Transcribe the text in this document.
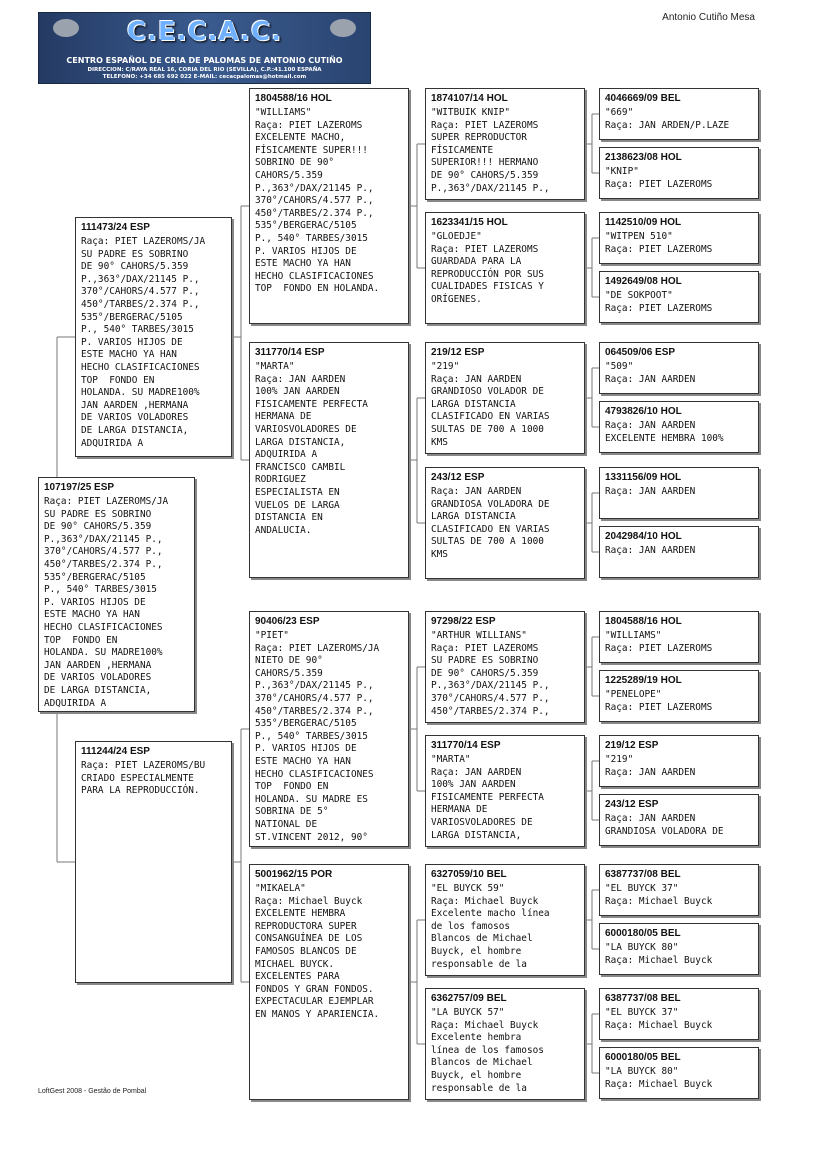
C.E.C.A.C.
CENTRO ESPAÑOL DE CRIA DE PALOMAS DE ANTONIO CUTIÑO
DIRECCION: C/RAYA REAL 16, CORIA DEL RIO (SEVILLA), C.P.:41.100 ESPAÑA
TELEFONO: +34 685 692 022 E-MAIL: cecacpalomas@hotmail.com
Antonio Cutiño Mesa
LoftGest 2008 - Gestão de Pombal
107197/25 ESP
Raça: PIET LAZEROMS/JA
SU PADRE ES SOBRINO
DE 90° CAHORS/5.359
P.,363°/DAX/21145 P.,
370°/CAHORS/4.577 P.,
450°/TARBES/2.374 P.,
535°/BERGERAC/5105
P., 540° TARBES/3015
P. VARIOS HIJOS DE
ESTE MACHO YA HAN
HECHO CLASIFICACIONES
TOP  FONDO EN
HOLANDA. SU MADRE100%
JAN AARDEN ,HERMANA
DE VARIOS VOLADORES
DE LARGA DISTANCIA,
ADQUIRIDA A
111473/24 ESP
Raça: PIET LAZEROMS/JA
SU PADRE ES SOBRINO
DE 90° CAHORS/5.359
P.,363°/DAX/21145 P.,
370°/CAHORS/4.577 P.,
450°/TARBES/2.374 P.,
535°/BERGERAC/5105
P., 540° TARBES/3015
P. VARIOS HIJOS DE
ESTE MACHO YA HAN
HECHO CLASIFICACIONES
TOP  FONDO EN
HOLANDA. SU MADRE100%
JAN AARDEN ,HERMANA
DE VARIOS VOLADORES
DE LARGA DISTANCIA,
ADQUIRIDA A
111244/24 ESP
Raça: PIET LAZEROMS/BU
CRIADO ESPECIALMENTE
PARA LA REPRODUCCIÓN.
1804588/16 HOL
"WILLIAMS"
Raça: PIET LAZEROMS
EXCELENTE MACHO,
FÍSICAMENTE SUPER!!!
SOBRINO DE 90°
CAHORS/5.359
P.,363°/DAX/21145 P.,
370°/CAHORS/4.577 P.,
450°/TARBES/2.374 P.,
535°/BERGERAC/5105
P., 540° TARBES/3015
P. VARIOS HIJOS DE
ESTE MACHO YA HAN
HECHO CLASIFICACIONES
TOP  FONDO EN HOLANDA.
311770/14 ESP
"MARTA"
Raça: JAN AARDEN
100% JAN AARDEN
FISICAMENTE PERFECTA
HERMANA DE
VARIOSVOLADORES DE
LARGA DISTANCIA,
ADQUIRIDA A
FRANCISCO CAMBIL
RODRIGUEZ
ESPECIALISTA EN
VUELOS DE LARGA
DISTANCIA EN
ANDALUCIA.
90406/23 ESP
"PIET"
Raça: PIET LAZEROMS/JA
NIETO DE 90°
CAHORS/5.359
P.,363°/DAX/21145 P.,
370°/CAHORS/4.577 P.,
450°/TARBES/2.374 P.,
535°/BERGERAC/5105
P., 540° TARBES/3015
P. VARIOS HIJOS DE
ESTE MACHO YA HAN
HECHO CLASIFICACIONES
TOP  FONDO EN
HOLANDA. SU MADRE ES
SOBRINA DE 5°
NATIONAL DE
ST.VINCENT 2012, 90°
5001962/15 POR
"MIKAELA"
Raça: Michael Buyck
EXCELENTE HEMBRA
REPRODUCTORA SUPER
CONSANGUÍNEA DE LOS
FAMOSOS BLANCOS DE
MICHAEL BUYCK.
EXCELENTES PARA
FONDOS Y GRAN FONDOS.
EXPECTACULAR EJEMPLAR
EN MANOS Y APARIENCIA.
1874107/14 HOL
"WITBUIK KNIP"
Raça: PIET LAZEROMS
SUPER REPRODUCTOR
FÍSICAMENTE
SUPERIOR!!! HERMANO
DE 90° CAHORS/5.359
P.,363°/DAX/21145 P.,
1623341/15 HOL
"GLOEDJE"
Raça: PIET LAZEROMS
GUARDADA PARA LA
REPRODUCCIÓN POR SUS
CUALIDADES FISICAS Y
ORÍGENES.
219/12 ESP
"219"
Raça: JAN AARDEN
GRANDIOSO VOLADOR DE
LARGA DISTANCIA
CLASIFICADO EN VARIAS
SULTAS DE 700 A 1000
KMS
243/12 ESP
Raça: JAN AARDEN
GRANDIOSA VOLADORA DE
LARGA DISTANCIA
CLASIFICADO EN VARIAS
SULTAS DE 700 A 1000
KMS
97298/22 ESP
"ARTHUR WILLIANS"
Raça: PIET LAZEROMS
SU PADRE ES SOBRINO
DE 90° CAHORS/5.359
P.,363°/DAX/21145 P.,
370°/CAHORS/4.577 P.,
450°/TARBES/2.374 P.,
311770/14 ESP
"MARTA"
Raça: JAN AARDEN
100% JAN AARDEN
FISICAMENTE PERFECTA
HERMANA DE
VARIOSVOLADORES DE
LARGA DISTANCIA,
6327059/10 BEL
"EL BUYCK 59"
Raça: Michael Buyck
Excelente macho línea
de los famosos
Blancos de Michael
Buyck, el hombre
responsable de la
6362757/09 BEL
"LA BUYCK 57"
Raça: Michael Buyck
Excelente hembra
línea de los famosos
Blancos de Michael
Buyck, el hombre
responsable de la
4046669/09 BEL
"669"
Raça: JAN ARDEN/P.LAZE
2138623/08 HOL
"KNIP"
Raça: PIET LAZEROMS
1142510/09 HOL
"WITPEN 510"
Raça: PIET LAZEROMS
1492649/08 HOL
"DE SOKPOOT"
Raça: PIET LAZEROMS
064509/06 ESP
"509"
Raça: JAN AARDEN
4793826/10 HOL
Raça: JAN AARDEN
EXCELENTE HEMBRA 100%
1331156/09 HOL
Raça: JAN AARDEN
2042984/10 HOL
Raça: JAN AARDEN
1804588/16 HOL
"WILLIAMS"
Raça: PIET LAZEROMS
1225289/19 HOL
"PENELOPE"
Raça: PIET LAZEROMS
219/12 ESP
"219"
Raça: JAN AARDEN
243/12 ESP
Raça: JAN AARDEN
GRANDIOSA VOLADORA DE
6387737/08 BEL
"EL BUYCK 37"
Raça: Michael Buyck
6000180/05 BEL
"LA BUYCK 80"
Raça: Michael Buyck
6387737/08 BEL
"EL BUYCK 37"
Raça: Michael Buyck
6000180/05 BEL
"LA BUYCK 80"
Raça: Michael Buyck
